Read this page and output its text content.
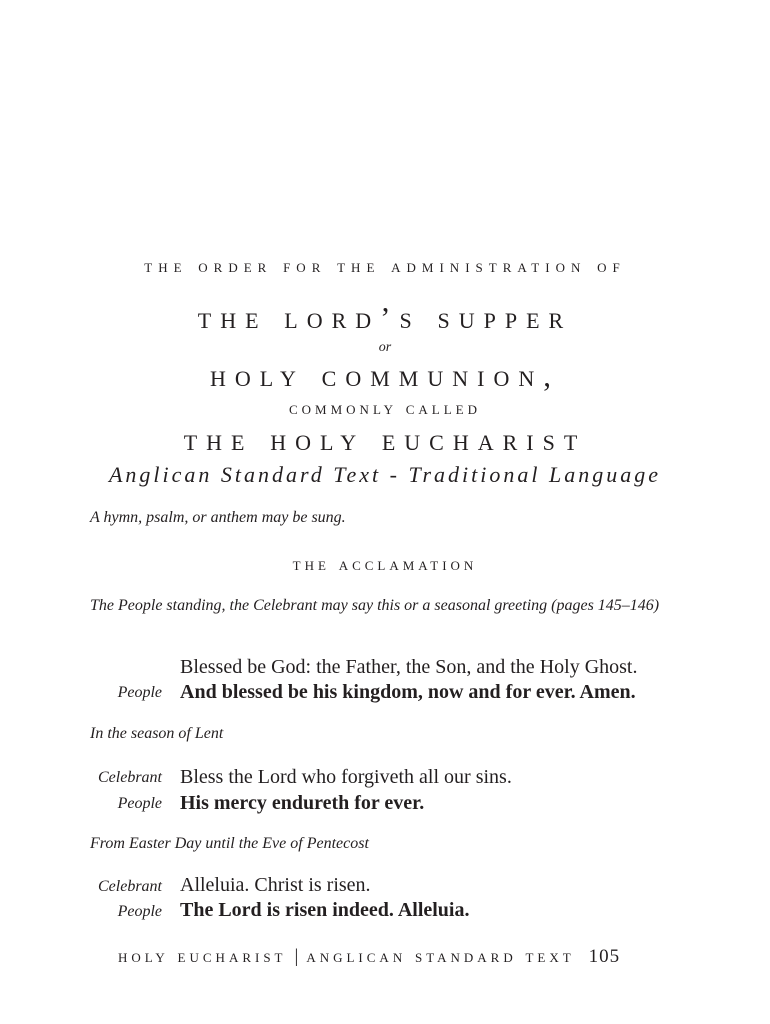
the order for the administration of
the lord’s supper
or
holy communion,
commonly called
the holy eucharist
Anglican Standard Text - Traditional Language
A hymn, psalm, or anthem may be sung.
the acclamation
The People standing, the Celebrant may say this or a seasonal greeting (pages 145–146)
Blessed be God: the Father, the Son, and the Holy Ghost.
People And blessed be his kingdom, now and for ever. Amen.
In the season of Lent
Celebrant Bless the Lord who forgiveth all our sins.
People His mercy endureth for ever.
From Easter Day until the Eve of Pentecost
Celebrant Alleluia. Christ is risen.
People The Lord is risen indeed. Alleluia.
holy eucharist | anglican standard text 105
